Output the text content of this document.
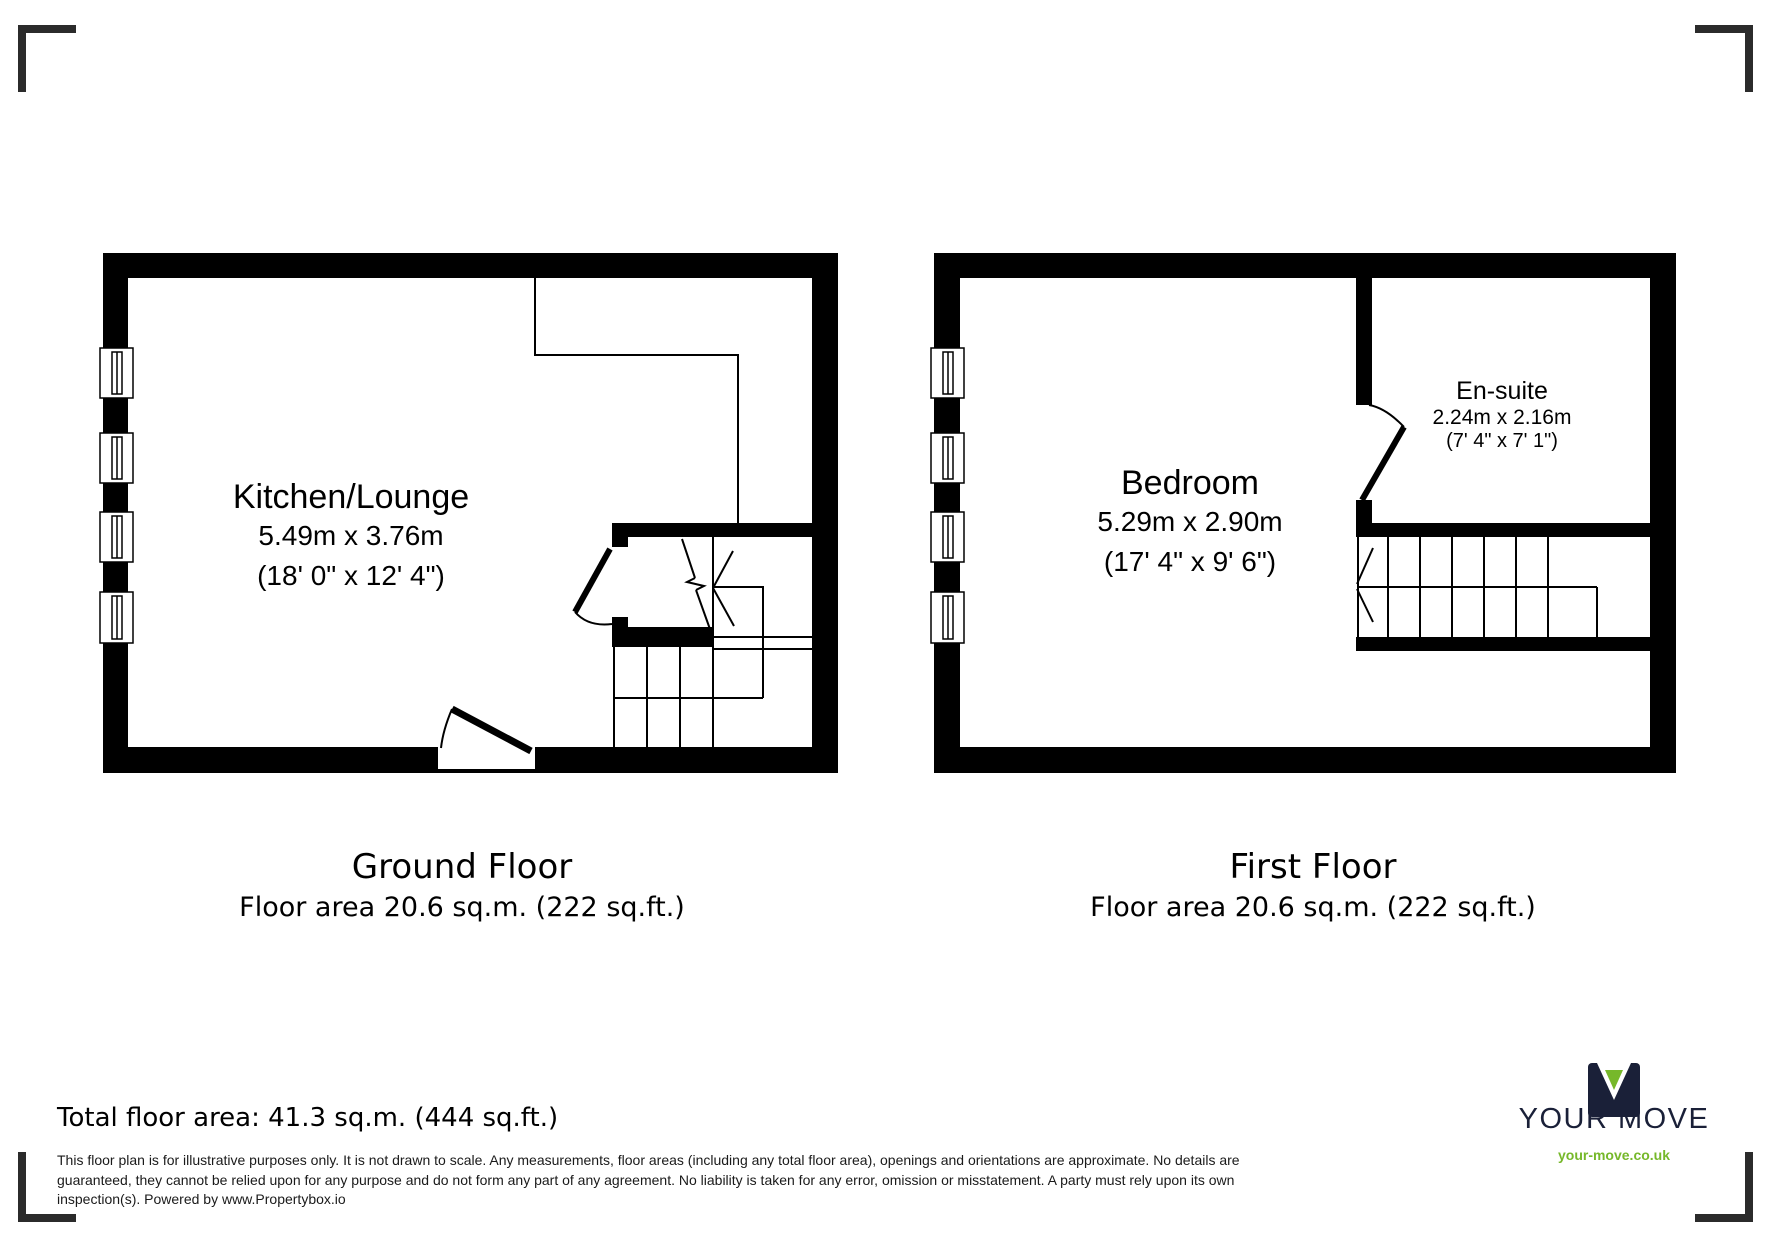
Kitchen/Lounge
5.49m x 3.76m
(18' 0" x 12' 4")
Bedroom
5.29m x 2.90m
(17' 4" x 9' 6")
En-suite
2.24m x 2.16m
(7' 4" x 7' 1")
Ground Floor
Floor area 20.6 sq.m. (222 sq.ft.)
First Floor
Floor area 20.6 sq.m. (222 sq.ft.)
Total floor area: 41.3 sq.m. (444 sq.ft.)
This floor plan is for illustrative purposes only. It is not drawn to scale. Any measurements, floor areas (including any total floor area), openings and orientations are approximate. No details are
guaranteed, they cannot be relied upon for any purpose and do not form any part of any agreement. No liability is taken for any error, omission or misstatement. A party must rely upon its own
inspection(s). Powered by www.Propertybox.io
YOUR MOVE
your-move.co.uk
